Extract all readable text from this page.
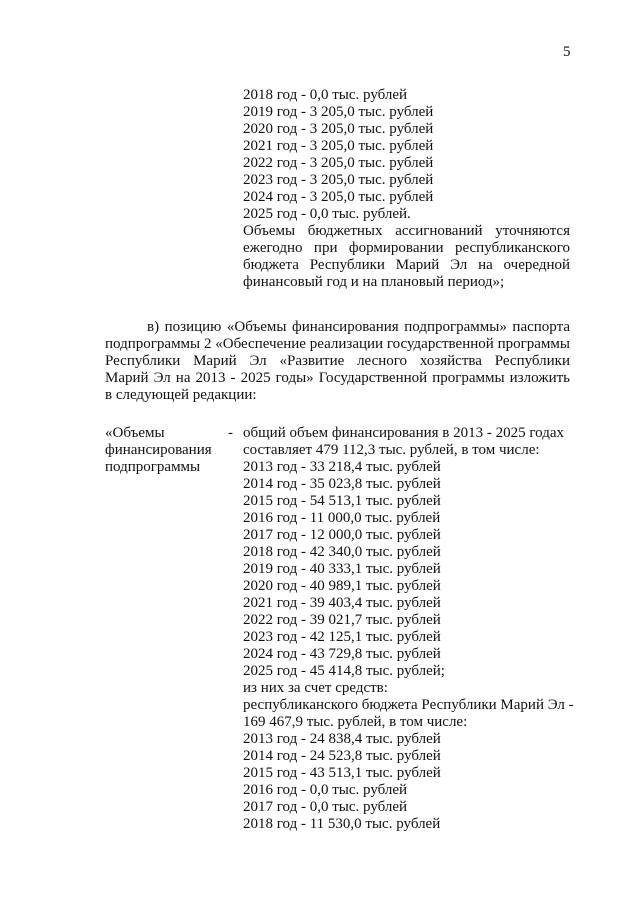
5
2018 год - 0,0 тыс. рублей
2019 год - 3 205,0 тыс. рублей
2020 год - 3 205,0 тыс. рублей
2021 год - 3 205,0 тыс. рублей
2022 год - 3 205,0 тыс. рублей
2023 год - 3 205,0 тыс. рублей
2024 год - 3 205,0 тыс. рублей
2025 год - 0,0 тыс. рублей.
Объемы бюджетных ассигнований уточняются
ежегодно при формировании республиканского
бюджета Республики Марий Эл на очередной
финансовый год и на плановый период»;
в) позицию «Объемы финансирования подпрограммы» паспорта
подпрограммы 2 «Обеспечение реализации государственной программы
Республики Марий Эл «Развитие лесного хозяйства Республики
Марий Эл на 2013 - 2025 годы» Государственной программы изложить
в следующей редакции:
«Объемы
финансирования
подпрограммы
- общий объем финансирования в 2013 - 2025 годах
составляет 479 112,3 тыс. рублей, в том числе:
2013 год - 33 218,4 тыс. рублей
2014 год - 35 023,8 тыс. рублей
2015 год - 54 513,1 тыс. рублей
2016 год - 11 000,0 тыс. рублей
2017 год - 12 000,0 тыс. рублей
2018 год - 42 340,0 тыс. рублей
2019 год - 40 333,1 тыс. рублей
2020 год - 40 989,1 тыс. рублей
2021 год - 39 403,4 тыс. рублей
2022 год - 39 021,7 тыс. рублей
2023 год - 42 125,1 тыс. рублей
2024 год - 43 729,8 тыс. рублей
2025 год - 45 414,8 тыс. рублей;
из них за счет средств:
республиканского бюджета Республики Марий Эл -
169 467,9 тыс. рублей, в том числе:
2013 год - 24 838,4 тыс. рублей
2014 год - 24 523,8 тыс. рублей
2015 год - 43 513,1 тыс. рублей
2016 год - 0,0 тыс. рублей
2017 год - 0,0 тыс. рублей
2018 год - 11 530,0 тыс. рублей
